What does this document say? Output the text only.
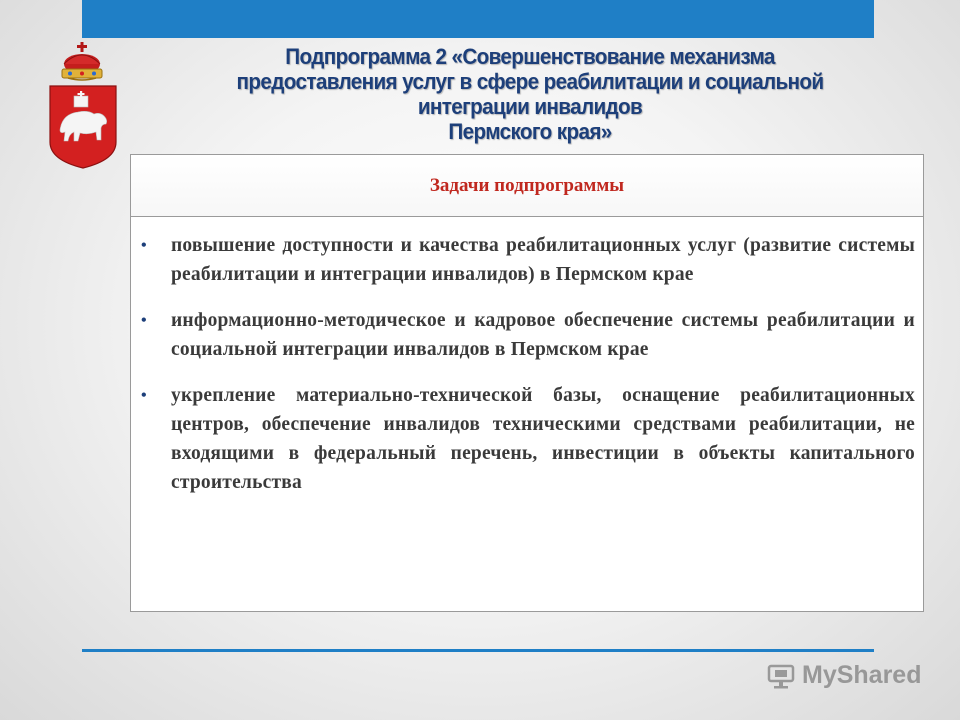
Подпрограмма 2 «Совершенствование механизма
предоставления услуг в сфере реабилитации и социальной
интеграции инвалидов
Пермского края»
Задачи подпрограммы
• повышение доступности и качества реабилитационных услуг (развитие системы реабилитации и интеграции инвалидов) в Пермском крае
• информационно-методическое и кадровое обеспечение системы реабилитации и социальной интеграции инвалидов в Пермском крае
• укрепление материально-технической базы, оснащение реабилитационных центров, обеспечение инвалидов техническими средствами реабилитации, не входящими в федеральный перечень, инвестиции в объекты капитального строительства
MyShared
